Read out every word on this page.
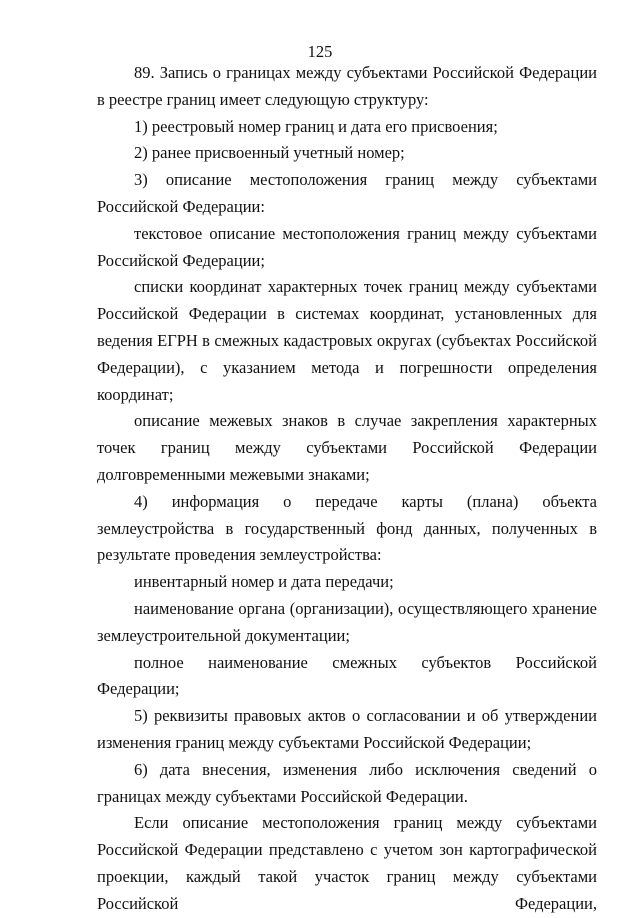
125

89. Запись о границах между субъектами Российской Федерации в реестре границ имеет следующую структуру:

1) реестровый номер границ и дата его присвоения;

2) ранее присвоенный учетный номер;

3) описание местоположения границ между субъектами Российской Федерации:

текстовое описание местоположения границ между субъектами Российской Федерации;

списки координат характерных точек границ между субъектами Российской Федерации в системах координат, установленных для ведения ЕГРН в смежных кадастровых округах (субъектах Российской Федерации), с указанием метода и погрешности определения координат;

описание межевых знаков в случае закрепления характерных точек границ между субъектами Российской Федерации долговременными межевыми знаками;

4) информация о передаче карты (плана) объекта землеустройства в государственный фонд данных, полученных в результате проведения землеустройства:

инвентарный номер и дата передачи;

наименование органа (организации), осуществляющего хранение землеустроительной документации;

полное наименование смежных субъектов Российской Федерации;

5) реквизиты правовых актов о согласовании и об утверждении изменения границ между субъектами Российской Федерации;

6) дата внесения, изменения либо исключения сведений о границах между субъектами Российской Федерации.

Если описание местоположения границ между субъектами Российской Федерации представлено с учетом зон картографической проекции, каждый такой участок границ между субъектами Российской Федерации,
